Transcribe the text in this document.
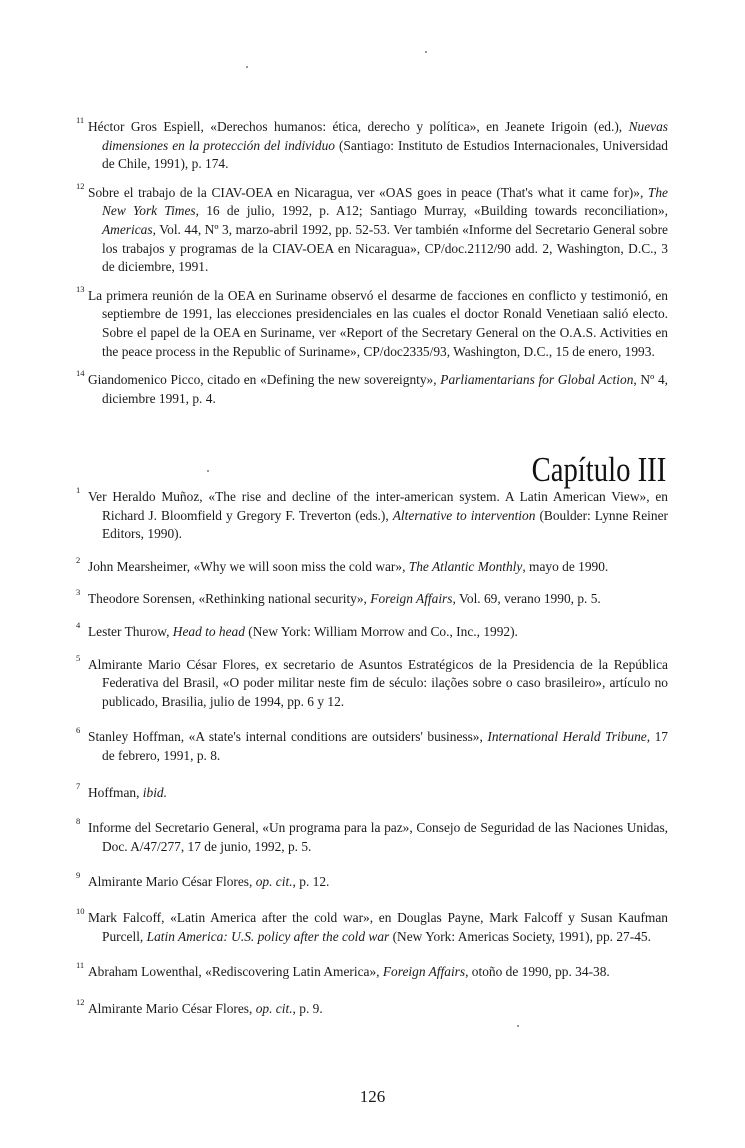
11 Héctor Gros Espiell, «Derechos humanos: ética, derecho y política», en Jeanete Irigoin (ed.), Nuevas dimensiones en la protección del individuo (Santiago: Instituto de Estudios Internacionales, Universidad de Chile, 1991), p. 174.

12 Sobre el trabajo de la CIAV-OEA en Nicaragua, ver «OAS goes in peace (That's what it came for)», The New York Times, 16 de julio, 1992, p. A12; Santiago Murray, «Building towards reconciliation», Americas, Vol. 44, Nº 3, marzo-abril 1992, pp. 52-53. Ver también «Informe del Secretario General sobre los trabajos y programas de la CIAV-OEA en Nicaragua», CP/doc.2112/90 add. 2, Washington, D.C., 3 de diciembre, 1991.

13 La primera reunión de la OEA en Suriname observó el desarme de facciones en conflicto y testimonió, en septiembre de 1991, las elecciones presidenciales en las cuales el doctor Ronald Venetiaan salió electo. Sobre el papel de la OEA en Suriname, ver «Report of the Secretary General on the O.A.S. Activities en the peace process in the Republic of Suriname», CP/doc2335/93, Washington, D.C., 15 de enero, 1993.

14 Giandomenico Picco, citado en «Defining the new sovereignty», Parliamentarians for Global Action, Nº 4, diciembre 1991, p. 4.

Capítulo III

1 Ver Heraldo Muñoz, «The rise and decline of the inter-american system. A Latin American View», en Richard J. Bloomfield y Gregory F. Treverton (eds.), Alternative to intervention (Boulder: Lynne Reiner Editors, 1990).

2 John Mearsheimer, «Why we will soon miss the cold war», The Atlantic Monthly, mayo de 1990.

3 Theodore Sorensen, «Rethinking national security», Foreign Affairs, Vol. 69, verano 1990, p. 5.

4 Lester Thurow, Head to head (New York: William Morrow and Co., Inc., 1992).

5 Almirante Mario César Flores, ex secretario de Asuntos Estratégicos de la Presidencia de la República Federativa del Brasil, «O poder militar neste fim de século: ilações sobre o caso brasileiro», artículo no publicado, Brasilia, julio de 1994, pp. 6 y 12.

6 Stanley Hoffman, «A state's internal conditions are outsiders' business», International Herald Tribune, 17 de febrero, 1991, p. 8.

7 Hoffman, ibid.

8 Informe del Secretario General, «Un programa para la paz», Consejo de Seguridad de las Naciones Unidas, Doc. A/47/277, 17 de junio, 1992, p. 5.

9 Almirante Mario César Flores, op. cit., p. 12.

10 Mark Falcoff, «Latin America after the cold war», en Douglas Payne, Mark Falcoff y Susan Kaufman Purcell, Latin America: U.S. policy after the cold war (New York: Americas Society, 1991), pp. 27-45.

11 Abraham Lowenthal, «Rediscovering Latin America», Foreign Affairs, otoño de 1990, pp. 34-38.

12 Almirante Mario César Flores, op. cit., p. 9.

126
